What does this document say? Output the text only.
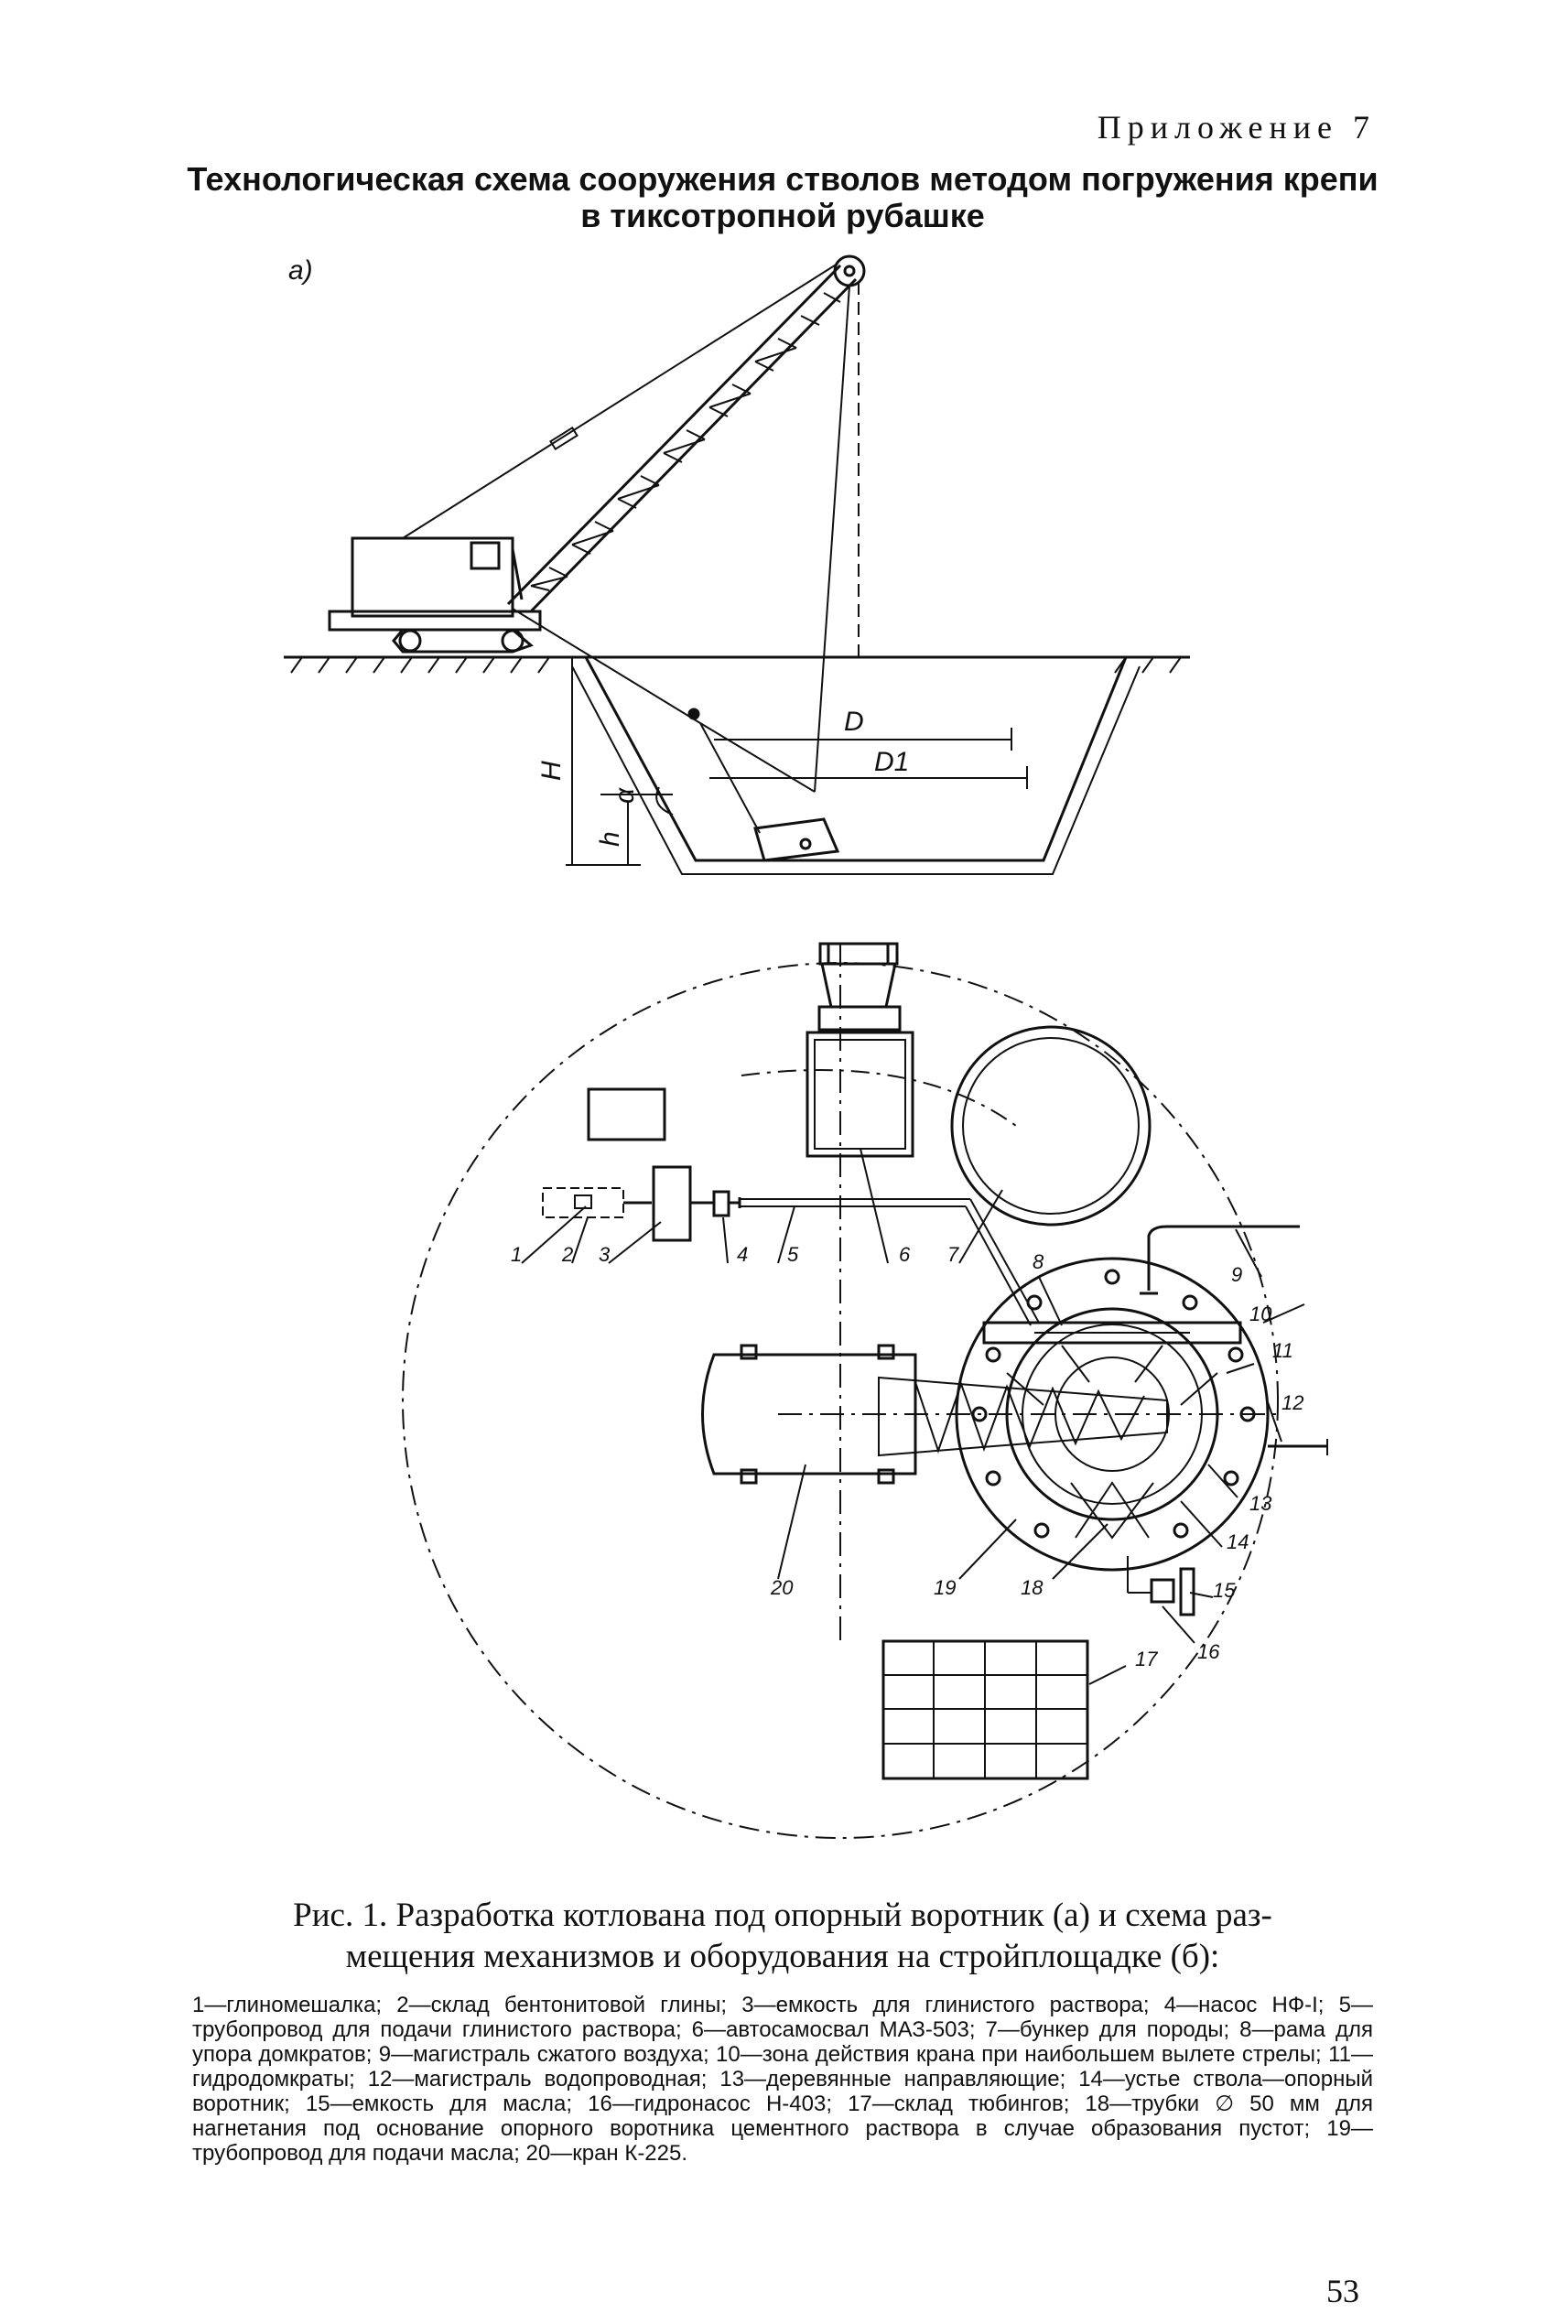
Приложение 7
Технологическая схема сооружения стволов методом погружения крепи
в тиксотропной рубашке
а)
H
h
α
D
D1
1 2 3	4 5	6 7	8
9
10
11
12
13
14
15
16
17
18
19
20
Рис. 1. Разработка котлована под опорный воротник (а) и схема раз-
мещения механизмов и оборудования на стройплощадке (б):
1—глиномешалка; 2—склад бентонитовой глины; 3—емкость для глинистого раствора; 4—насос НФ-I; 5—трубопровод для подачи глинистого раствора; 6—автосамосвал МАЗ-503; 7—бункер для породы; 8—рама для упора домкратов; 9—магистраль сжатого воздуха; 10—зона действия крана при наибольшем вылете стрелы; 11—гидродомкраты; 12—магистраль водопроводная; 13—деревянные направляющие; 14—устье ствола—опорный воротник; 15—емкость для масла; 16—гидронасос Н-403; 17—склад тюбингов; 18—трубки ∅ 50 мм для нагнетания под основание опорного воротника цементного раствора в случае образования пустот; 19—трубопровод для подачи масла; 20—кран К-225.
53
